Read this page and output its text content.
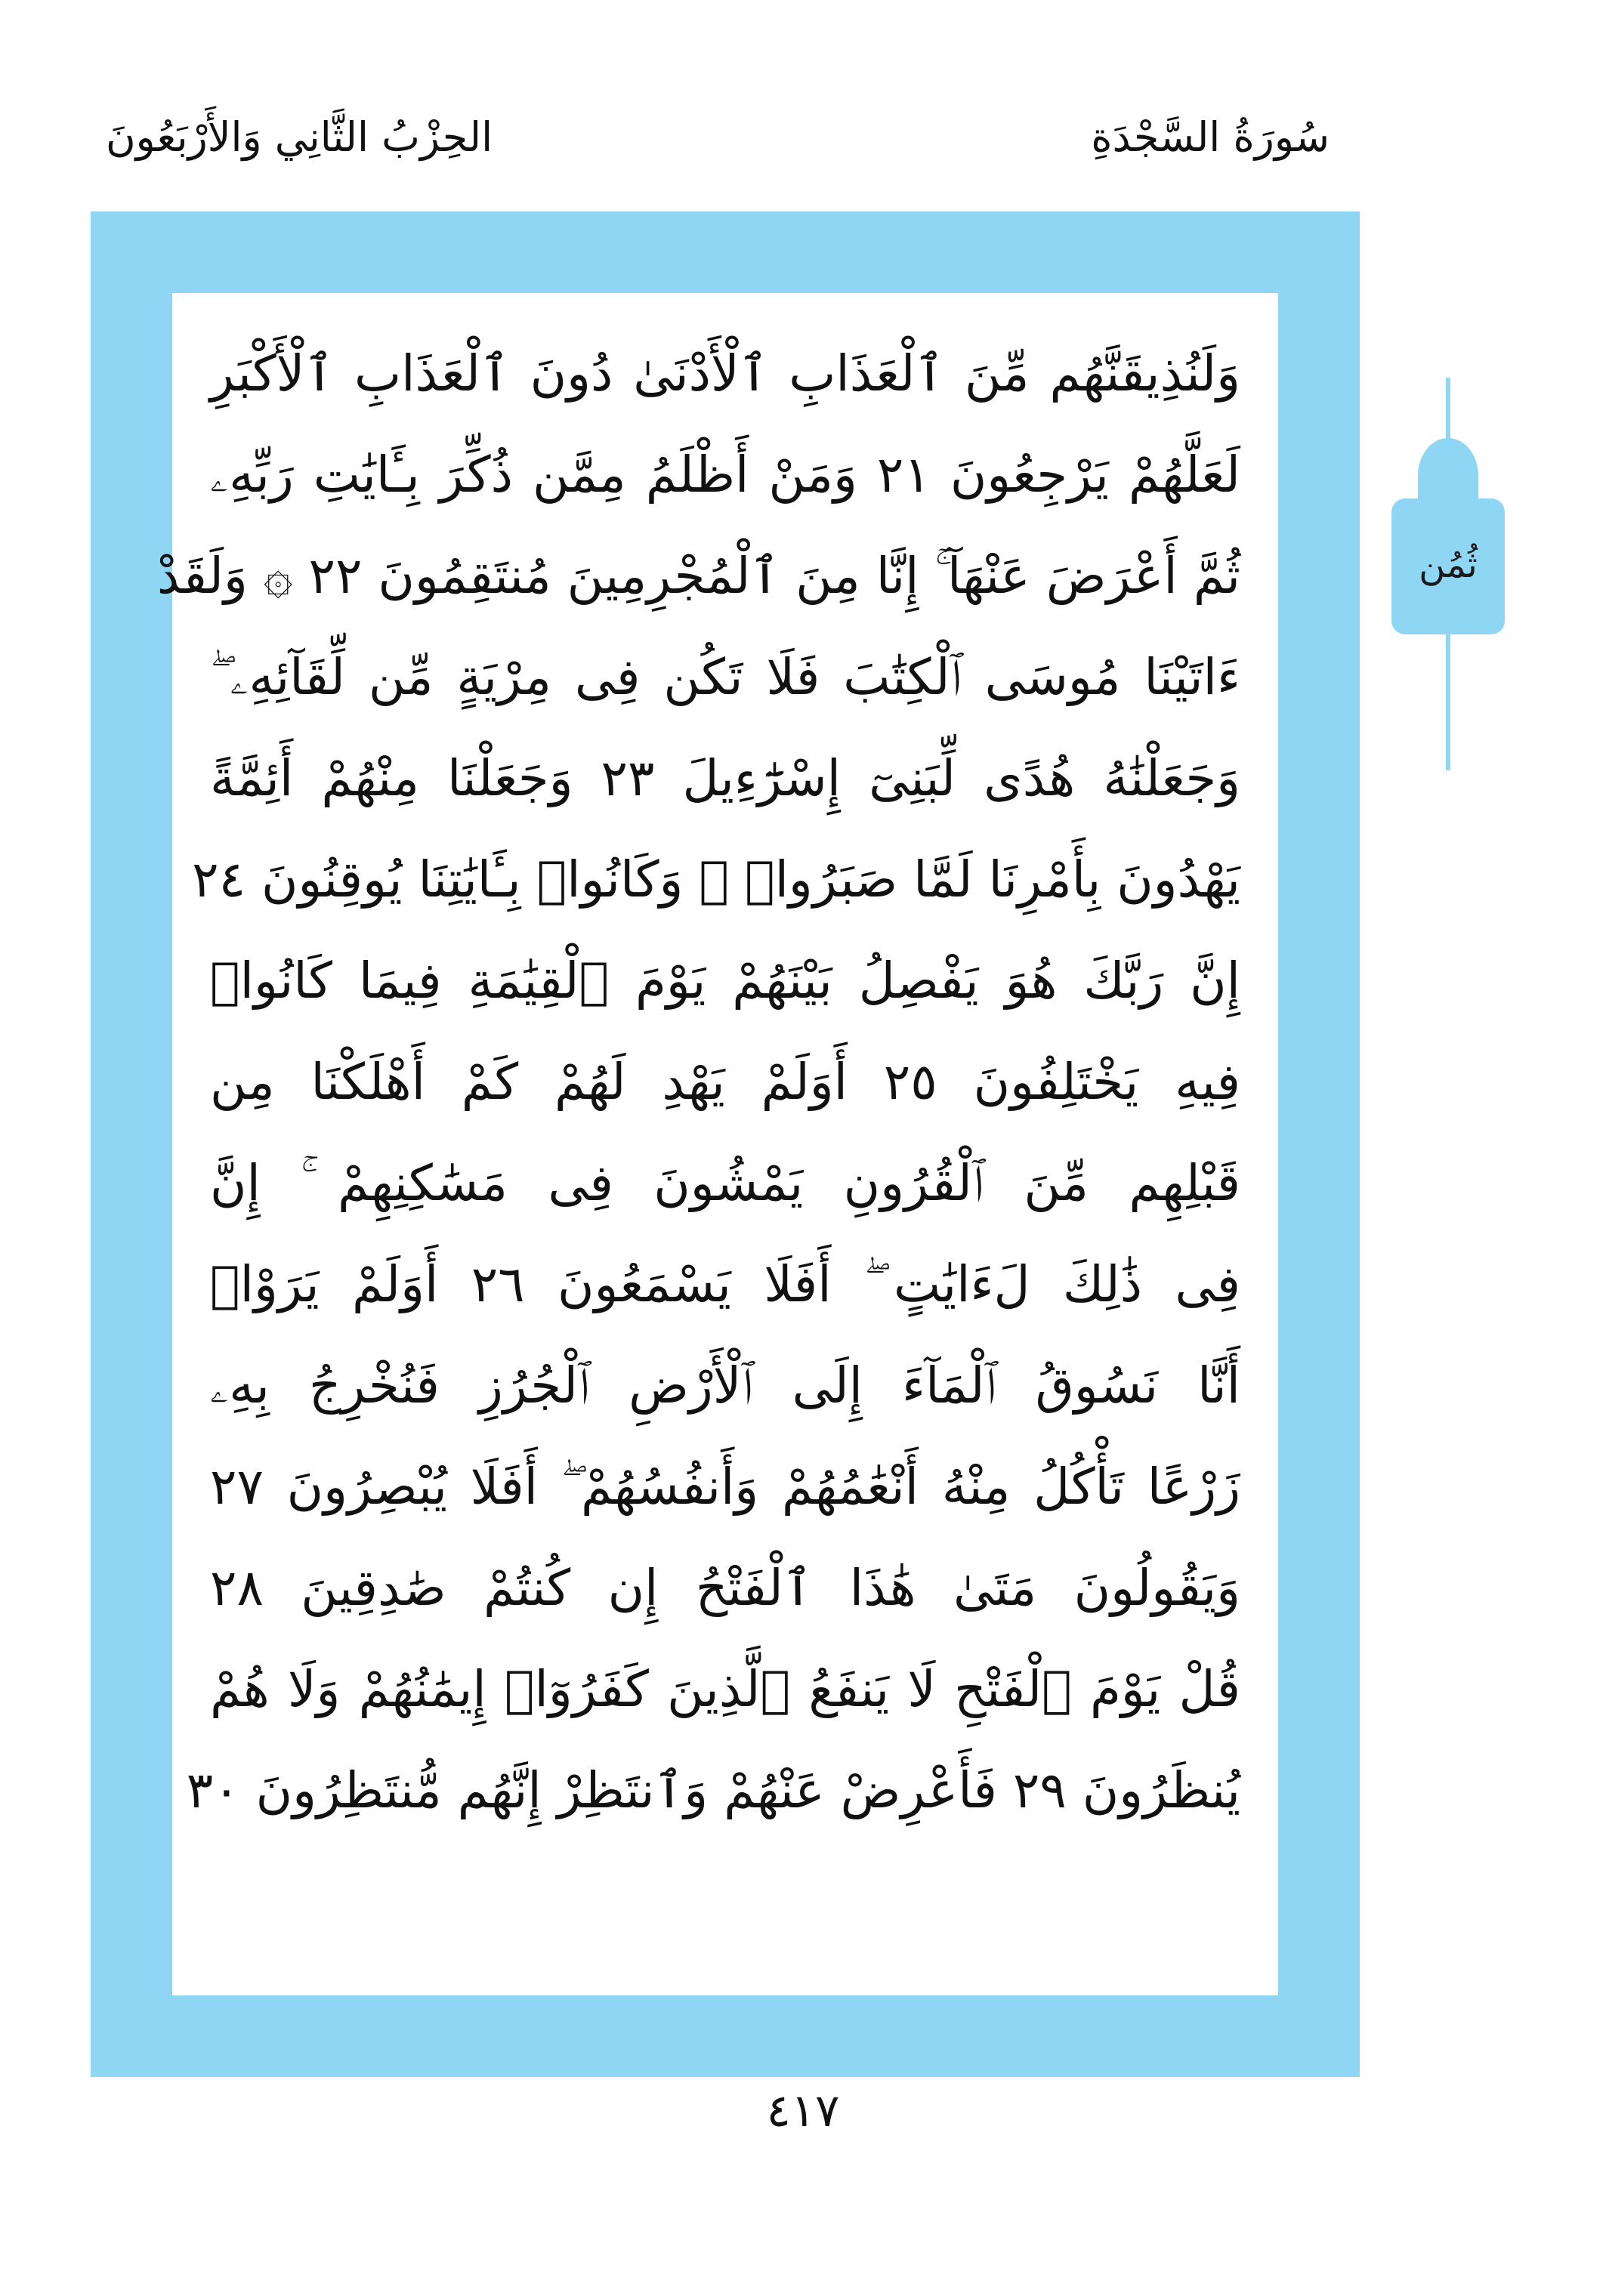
سُورَةُ السَّجْدَةِ
الحِزْبُ الثَّانِي وَالأَرْبَعُونَ
وَلَنُذِيقَنَّهُم مِّنَ ٱلْعَذَابِ ٱلْأَدْنَىٰ دُونَ ٱلْعَذَابِ ٱلْأَكْبَرِ
لَعَلَّهُمْ يَرْجِعُونَ ٢١ وَمَنْ أَظْلَمُ مِمَّن ذُكِّرَ بِـَٔايَٰتِ رَبِّهِۦ
ثُمَّ أَعْرَضَ عَنْهَآ ۚ إِنَّا مِنَ ٱلْمُجْرِمِينَ مُنتَقِمُونَ ٢٢ ۞ وَلَقَدْ
ءَاتَيْنَا مُوسَى ٱلْكِتَٰبَ فَلَا تَكُن فِى مِرْيَةٍ مِّن لِّقَآئِهِۦ ۖ
وَجَعَلْنَٰهُ هُدًى لِّبَنِىٓ إِسْرَٰٓءِيلَ ٢٣ وَجَعَلْنَا مِنْهُمْ أَئِمَّةً
يَهْدُونَ بِأَمْرِنَا لَمَّا صَبَرُوا۟ ۖ وَكَانُوا۟ بِـَٔايَٰتِنَا يُوقِنُونَ ٢٤
إِنَّ رَبَّكَ هُوَ يَفْصِلُ بَيْنَهُمْ يَوْمَ ٱلْقِيَٰمَةِ فِيمَا كَانُوا۟
فِيهِ يَخْتَلِفُونَ ٢٥ أَوَلَمْ يَهْدِ لَهُمْ كَمْ أَهْلَكْنَا مِن
قَبْلِهِم مِّنَ ٱلْقُرُونِ يَمْشُونَ فِى مَسَٰكِنِهِمْ ۚ إِنَّ
فِى ذَٰلِكَ لَءَايَٰتٍ ۖ أَفَلَا يَسْمَعُونَ ٢٦ أَوَلَمْ يَرَوْا۟
أَنَّا نَسُوقُ ٱلْمَآءَ إِلَى ٱلْأَرْضِ ٱلْجُرُزِ فَنُخْرِجُ بِهِۦ
زَرْعًا تَأْكُلُ مِنْهُ أَنْعَٰمُهُمْ وَأَنفُسُهُمْ ۖ أَفَلَا يُبْصِرُونَ ٢٧
وَيَقُولُونَ مَتَىٰ هَٰذَا ٱلْفَتْحُ إِن كُنتُمْ صَٰدِقِينَ ٢٨
قُلْ يَوْمَ ٱلْفَتْحِ لَا يَنفَعُ ٱلَّذِينَ كَفَرُوٓا۟ إِيمَٰنُهُمْ وَلَا هُمْ
يُنظَرُونَ ٢٩ فَأَعْرِضْ عَنْهُمْ وَٱنتَظِرْ إِنَّهُم مُّنتَظِرُونَ ٣٠
ثُمُن
٤١٧
